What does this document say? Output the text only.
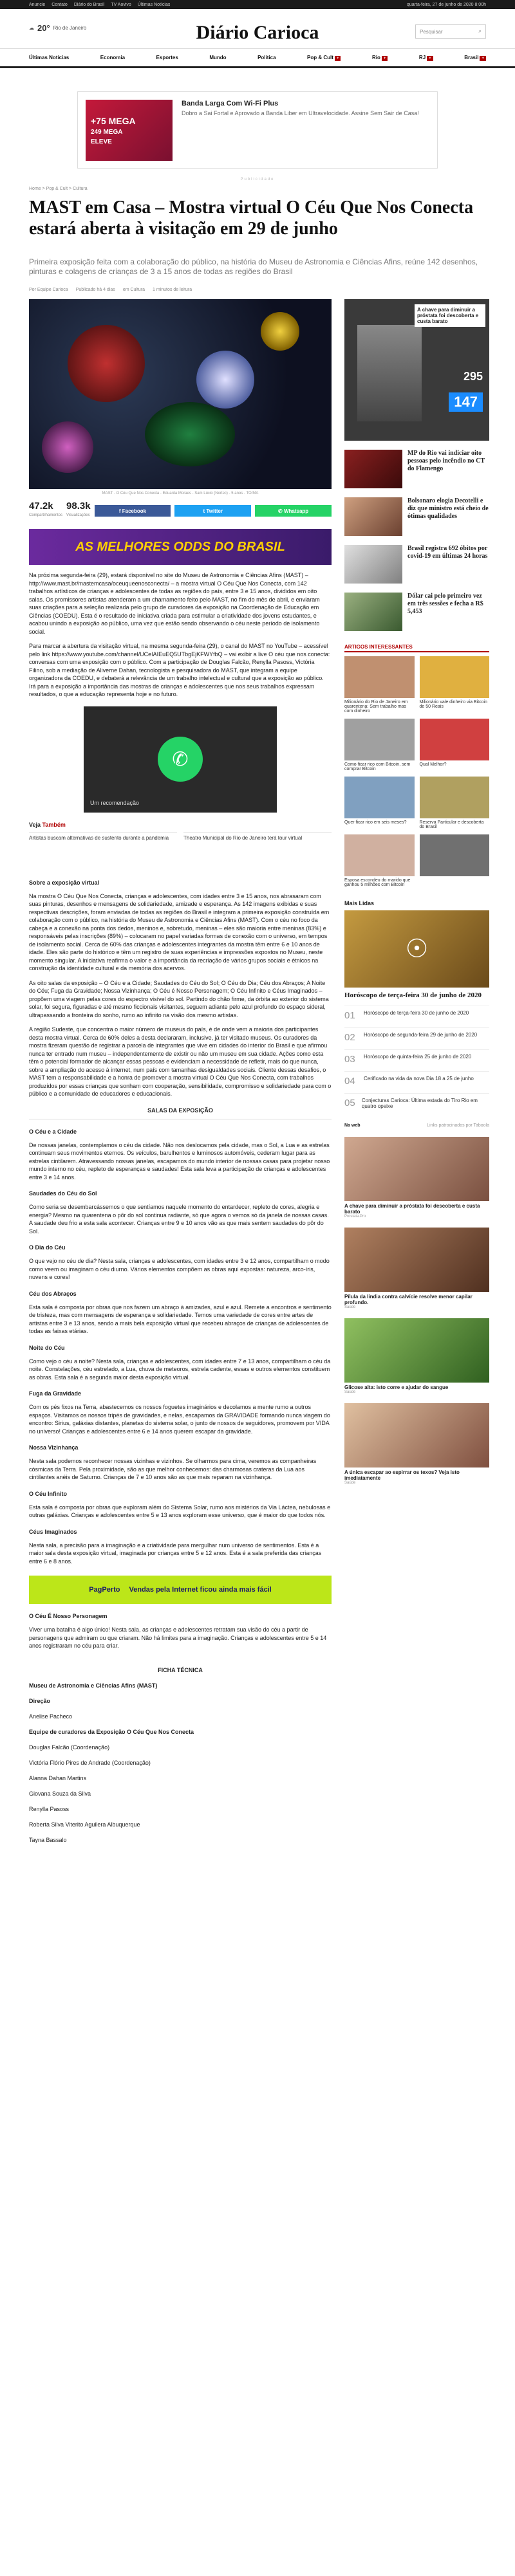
Anuncie Contato Diário do Brasil TV Aovivo Últimas Notícias	quarta-feira, 27 de junho de 2020 8:00h
☁ 20° Rio de Janeiro	Diário Carioca	Pesquisar	⌕
Últimas Notícias	Economia	Esportes	Mundo	Política	Pop & Cult +	Rio +	RJ +	Brasil +
+75 MEGA
249 MEGA
ELEVE
Banda Larga Com Wi-Fi Plus

Dobro a Sai Fortal e Aprovado a Banda Liber em Ultravelocidade. Assine Sem Sair de Casa!

Publicidade
Home > Pop & Cult > Cultura
MAST em Casa – Mostra virtual O Céu Que Nos Conecta estará aberta à visitação em 29 de junho
Primeira exposição feita com a colaboração do público, na história do Museu de Astronomia e Ciências Afins, reúne 142 desenhos, pinturas e colagens de crianças de 3 a 15 anos de todas as regiões do Brasil
Por Equipe Carioca Publicado há 4 dias em Cultura 1 minutos de leitura
MAST - O Céu Que Nos Conecta - Eduarda Moraes - Sam Lúcio (Nortec) - 5 anos - TO/MA
47.2k
Compartilhamentos
98.3k
Visualizações
f Facebook	t Twitter	✆ Whatsapp
AS MELHORES ODDS DO BRASIL

Na próxima segunda-feira (29), estará disponível no site do Museu de Astronomia e Ciências Afins (MAST) – http://www.mast.br/mastemcasa/oceuqueenosconecta/ – a mostra virtual O Céu Que Nos Conecta, com 142 trabalhos artísticos de crianças e adolescentes de todas as regiões do país, entre 3 e 15 anos, divididos em oito salas. Os promissores artistas atenderam a um chamamento feito pelo MAST, no fim do mês de abril, e enviaram suas criações para a seleção realizada pelo grupo de curadores da exposição na Coordenação de Educação em Ciências (COEDU). Esta é o resultado de iniciativa criada para estimular a criatividade dos jovens estudantes, e acabou unindo a exposição ao público, uma vez que estão sendo observando o céu neste período de isolamento social.

Para marcar a abertura da visitação virtual, na mesma segunda-feira (29), o canal do MAST no YouTube – acessível pelo link https://www.youtube.com/channel/UCeIAIEuEQ5UTbgEjKFWYfbQ – vai exibir a live O céu que nos conecta: conversas com uma exposição com o público. Com a participação de Douglas Falcão, Renylla Pasoss, Victória Filino, sob a mediação de Aliverne Dahan, tecnologista e pesquisadora do MAST, que integram a equipe organizadora da COEDU, e debaterá a relevância de um trabalho intelectual e cultural que a exposição ao público. Irá para a exposição a importância das mostras de crianças e adolescentes que nos seus trabalhos expressam resultados, o que a educação representa hoje e no futuro.

✆
Um recomendação
Veja Também
Artistas buscam alternativas de sustento durante a pandemia	Theatro Municipal do Rio de Janeiro terá tour virtual
Sobre a exposição virtual

Na mostra O Céu Que Nos Conecta, crianças e adolescentes, com idades entre 3 e 15 anos, nos abrasaram com suas pinturas, desenhos e mensagens de solidariedade, amizade e esperança. As 142 imagens exibidas e suas respectivas descrições, foram enviadas de todas as regiões do Brasil e integram a primeira exposição construída em colaboração com o público, na história do Museu de Astronomia e Ciências Afins (MAST). Com o céu no foco da cabeça e a conexão na ponta dos dedos, meninos e, sobretudo, meninas – eles são maioria entre meninas (83%) e responsáveis pelas inscrições (89%) – colocaram no papel variadas formas de conexão com o universo, em tempos de isolamento social. Cerca de 60% das crianças e adolescentes integrantes da mostra têm entre 6 e 10 anos de idade. Eles são parte do histórico e têm um registro de suas experiências e impressões expostos no Museu, neste momento singular. A iniciativa reafirma o valor e a importância da recriação de vários grupos sociais e étnicos na construção da identidade cultural e da memória dos acervos.

As oito salas da exposição – O Céu e a Cidade; Saudades do Céu do Sol; O Céu do Dia; Céu dos Abraços; A Noite do Céu; Fuga da Gravidade; Nossa Vizinhança; O Céu é Nosso Personagem; O Céu Infinito e Céus Imaginados – propõem uma viagem pelas cores do espectro visível do sol. Partindo do chão firme, da órbita ao exterior do sistema solar, foi segura, figuradas e até mesmo ficcionais visitantes, seguem adiante pelo azul profundo do espaço sideral, ultrapassando a fronteira do sonho, rumo ao infinito na visão dos mesmo artistas.

A região Sudeste, que concentra o maior número de museus do país, é de onde vem a maioria dos participantes desta mostra virtual. Cerca de 60% deles a desta declararam, inclusive, já ter visitado museus. Os curadores da mostra fizeram questão de registrar a parcela de integrantes que vive em cidades do interior do Brasil e que afirmou nunca ter entrado num museu – independentemente de existir ou não um museu em sua cidade. Ações como esta têm o potencial formador de alcançar essas pessoas e evidenciam a necessidade de refletir, mais do que nunca, sobre a ampliação do acesso à internet, num país com tamanhas desigualdades sociais. Cliente dessas desafios, o MAST tem a responsabilidade e a honra de promover a mostra virtual O Céu Que Nos Conecta, com trabalhos produzidos por essas crianças que sonham com cooperação, sensibilidade, compromisso e solidariedade para com o público e a comunidade de educadores e educacionais.

SALAS DA EXPOSIÇÃO
O Céu e a Cidade

De nossas janelas, contemplamos o céu da cidade. Não nos deslocamos pela cidade, mas o Sol, a Lua e as estrelas continuam seus movimentos eternos. Os veículos, barulhentos e luminosos automóveis, cederam lugar para as estrelas cintilarem. Atravessando nossas janelas, escapamos do mundo interior de nossas casas para projetar nosso mundo interno no céu, repleto de esperanças e saudades! Esta sala leva a participação de crianças e adolescentes entre 3 e 14 anos.

Saudades do Céu do Sol

Como seria se desembarcássemos o que sentíamos naquele momento do entardecer, repleto de cores, alegria e energia? Mesmo na quarentena o pôr do sol continua radiante, só que agora o vemos só da janela de nossas casas. A saudade deu frio a esta sala acontecer. Crianças entre 9 e 10 anos vão as que mais sentem saudades do pôr do Sol.

O Dia do Céu

O que vejo no céu de dia? Nesta sala, crianças e adolescentes, com idades entre 3 e 12 anos, compartilham o modo como veem ou imaginam o céu diurno. Vários elementos compõem as obras aqui expostas: natureza, arco-íris, nuvens e cores!

Céu dos Abraços

Esta sala é composta por obras que nos fazem um abraço à amizades, azul e azul. Remete a encontros e sentimento de tristeza, mas com mensagens de esperança e solidariedade. Temos uma variedade de cores entre artes de artistas entre 3 e 13 anos, sendo a mais bela exposição virtual que recebeu abraços de crianças de adolescentes de todas as faixas etárias.

Noite do Céu

Como vejo o céu a noite? Nesta sala, crianças e adolescentes, com idades entre 7 e 13 anos, compartilham o céu da noite. Constelações, céu estrelado, a Lua, chuva de meteoros, estrela cadente, essas e outros elementos constituem as obras. Esta sala é a segunda maior desta exposição virtual.

Fuga da Gravidade

Com os pés fixos na Terra, abastecemos os nossos foguetes imaginários e decolamos a mente rumo a outros espaços. Visitamos os nossos tripés de gravidades, e nelas, escapamos da GRAVIDADE formando nunca viagem do encontro: Sirius, galáxias distantes, planetas do sistema solar, o junto de nossos de seguidores, promovem por VIDA no universo! Crianças e adolescentes entre 6 e 14 anos querem escapar da gravidade.

Nossa Vizinhança

Nesta sala podemos reconhecer nossas vizinhas e vizinhos. Se olharmos para cima, veremos as companheiras cósmicas da Terra. Pela proximidade, são as que melhor conhecemos: das charmosas crateras da Lua aos cintilantes anéis de Saturno. Crianças de 7 e 10 anos são as que mais reparam na vizinhança.

O Céu Infinito

Esta sala é composta por obras que exploram além do Sistema Solar, rumo aos mistérios da Via Láctea, nebulosas e outras galáxias. Crianças e adolescentes entre 5 e 13 anos exploram esse universo, que é maior do que todos nós.

Céus Imaginados

Nesta sala, a precisão para a imaginação e a criatividade para mergulhar num universo de sentimentos. Esta é a maior sala desta exposição virtual, imaginada por crianças entre 5 e 12 anos. Esta é a sala preferida das crianças entre 6 e 8 anos.

PagPerto Vendas pela Internet ficou ainda mais fácil
O Céu É Nosso Personagem

Viver uma batalha é algo único! Nesta sala, as crianças e adolescentes retratam sua visão do céu a partir de personagens que admiram ou que criaram. Não há limites para a imaginação. Crianças e adolescentes entre 5 e 14 anos registraram no céu para criar.

FICHA TÉCNICA
Museu de Astronomia e Ciências Afins (MAST)
Direção
Anelise Pacheco
Equipe de curadores da Exposição O Céu Que Nos Conecta
Douglas Falcão (Coordenação)
Victória Flório Pires de Andrade (Coordenação)
Alanna Dahan Martins
Giovana Souza da Silva
Renylla Pasoss
Roberta Silva Viterito Aguilera Albuquerque
Tayna Bassalo
A chave para diminuir a próstata foi descoberta e custa barato
295
147
MP do Rio vai indiciar oito pessoas pelo incêndio no CT do Flamengo
Bolsonaro elogia Decotelli e diz que ministro está cheio de ótimas qualidades
Brasil registra 692 óbitos por covid-19 em últimas 24 horas
Dólar cai pelo primeiro vez em três sessões e fecha a R$ 5,453
ARTIGOS INTERESSANTES
Milionário do Rio de Janeiro em quarentena: Sem trabalho mas com dinheiro
Milionário vale dinheiro via Bitcoin de 50 Reais
Como ficar rico com Bitcoin, sem comprar Bitcoin
Qual Melhor?
Quer ficar rico em seis meses?	Reserva Particular e descoberta do Brasil
Esposa escondeu do marido que ganhou 5 milhões com Bitcoin
Mais Lidas
☉
Horóscopo de terça-feira 30 de junho de 2020
01	Horóscopo de terça-feira 30 de junho de 2020
02	Horóscopo de segunda-feira 29 de junho de 2020
03	Horóscopo de quinta-feira 25 de junho de 2020
04	Cerificado na vida da nova Dia 18 a 25 de junho
05 Conjecturas Carioca: Última estada do Tiro Rio em quatro opeixe
Na web	Links patrocinados por Taboola
A chave para diminuir a próstata foi descoberta e custa barato
Prostata.Pro
Pílula da lindia contra calvície resolve menor capilar profundo.
Saúde
Glicose alta: isto corre e ajudar do sangue
Saúde
A única escapar ao espirrar os texos? Veja isto imediatamente
Saúde
